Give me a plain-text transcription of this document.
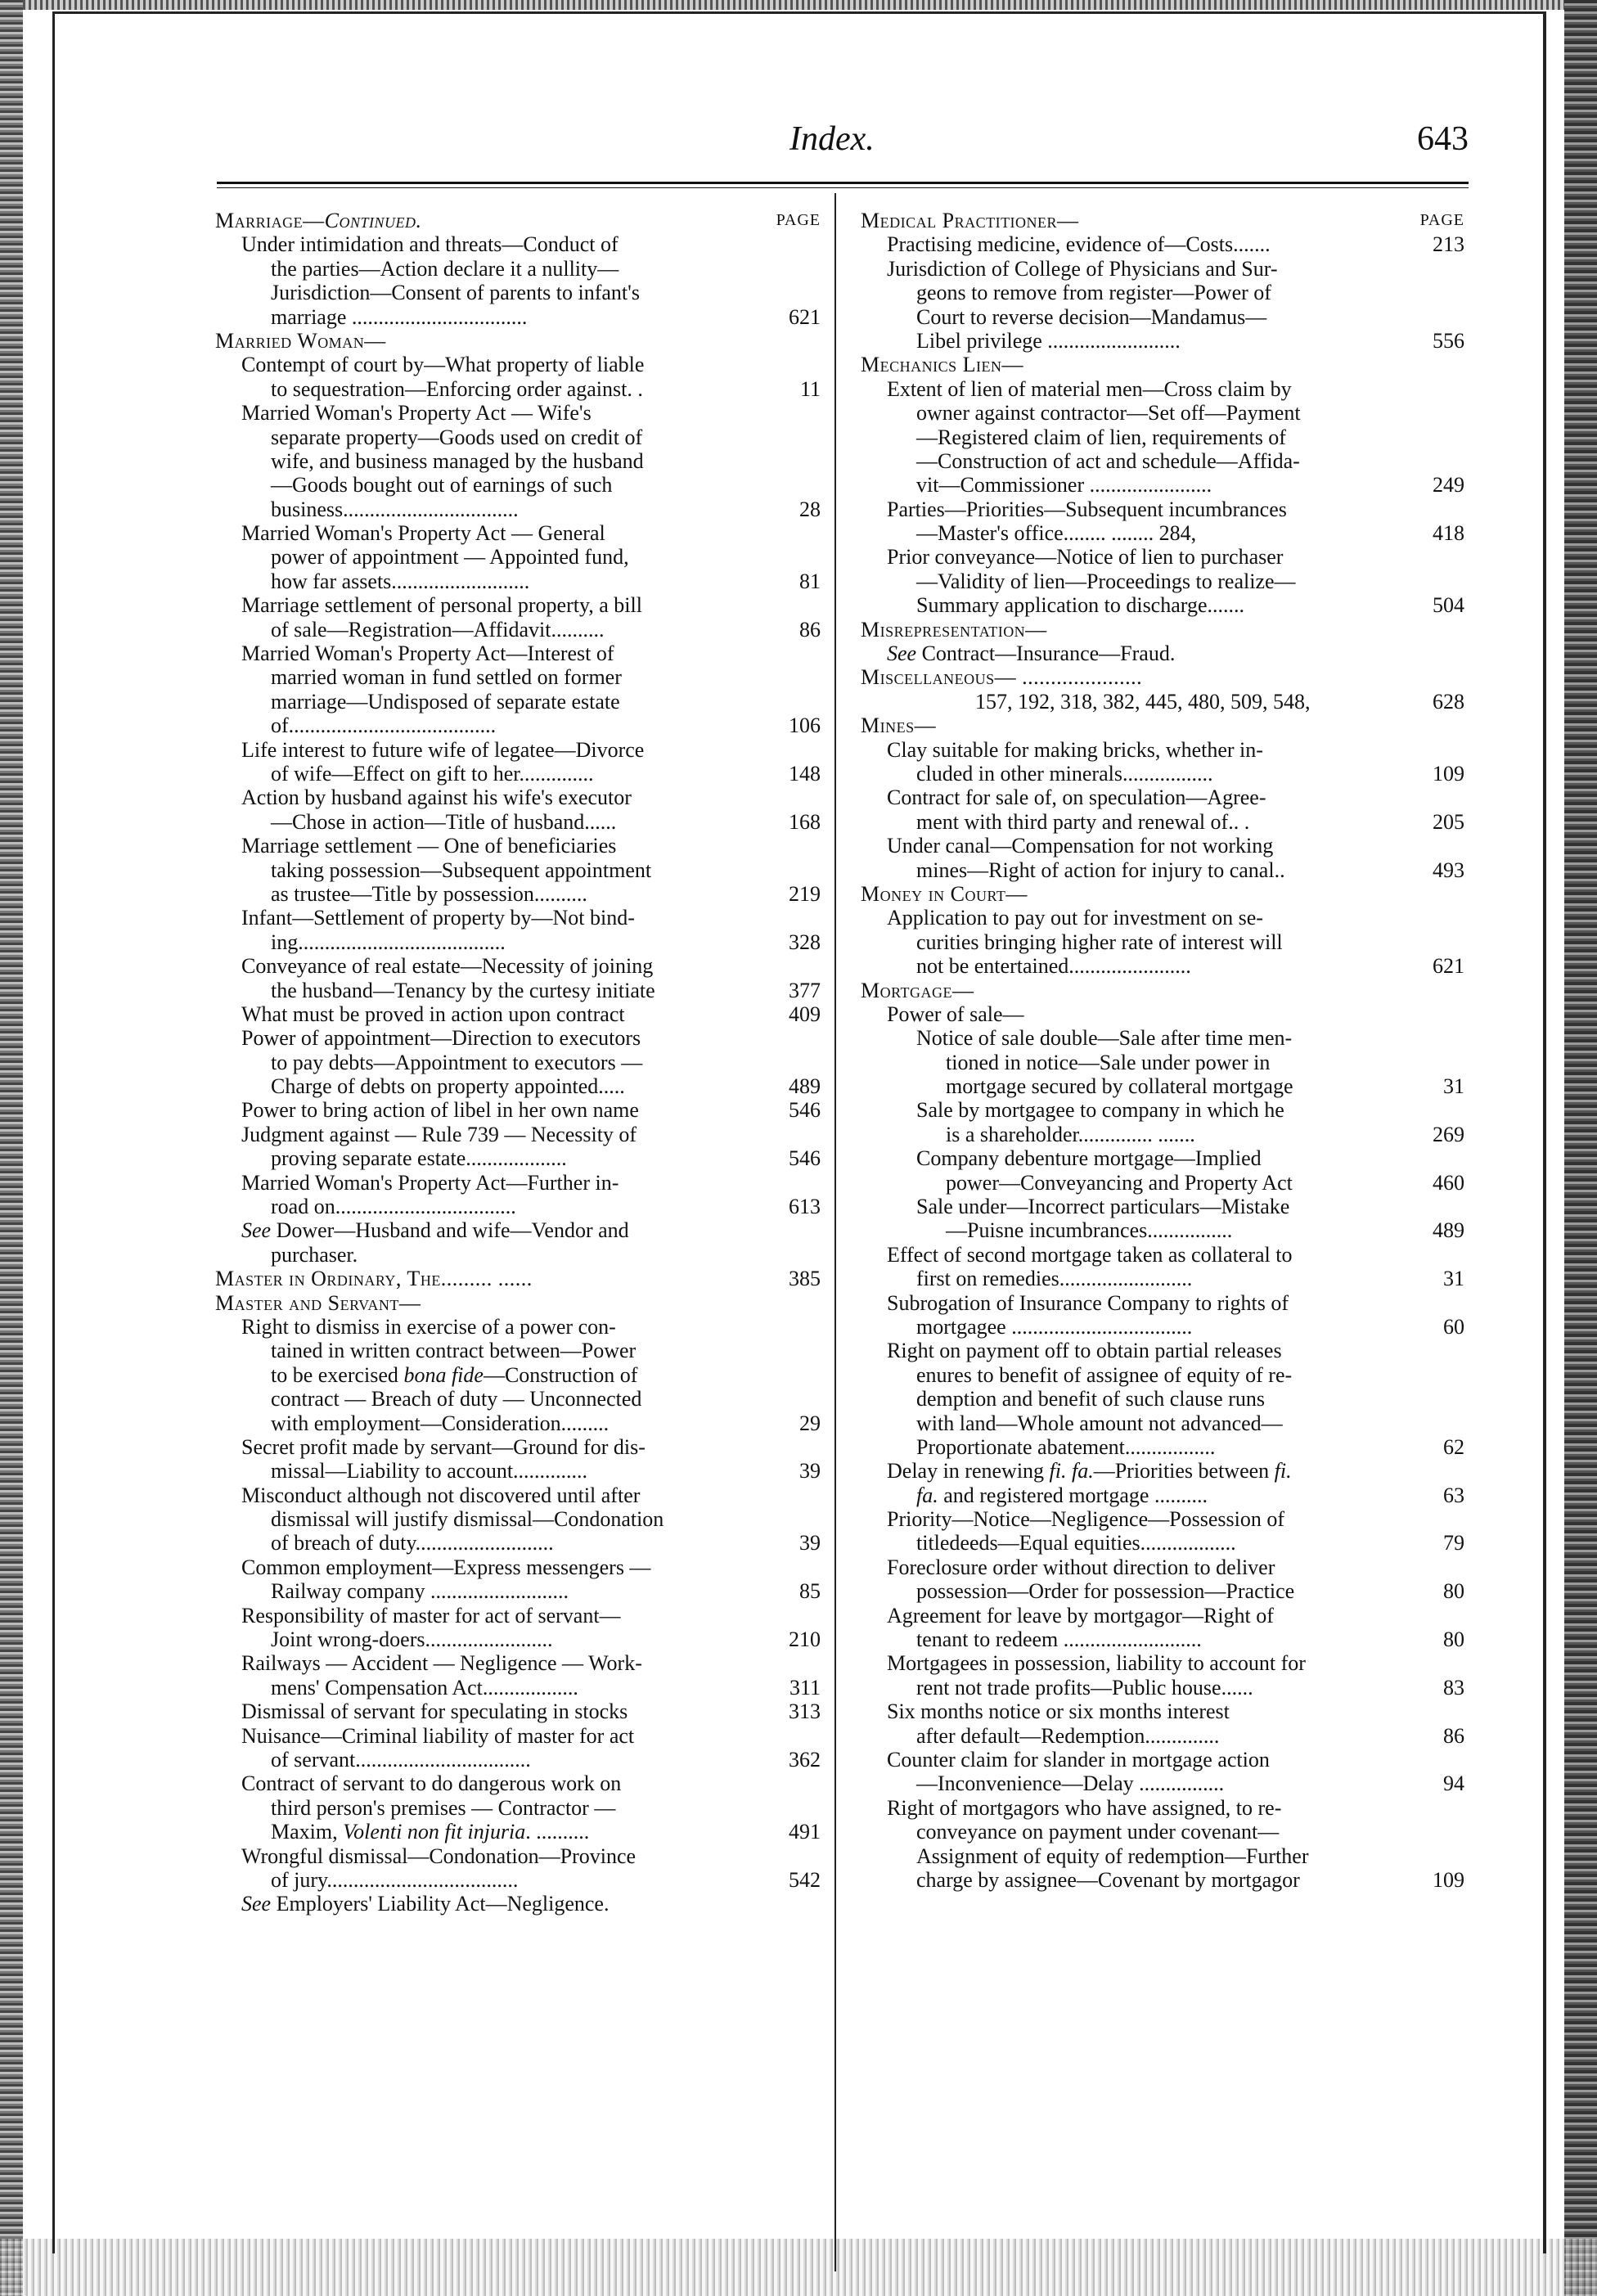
Index.	643
Marriage—Continued.	PAGE
Under intimidation and threats—Conduct of
the parties—Action declare it a nullity—
Jurisdiction—Consent of parents to infant's
marriage .................................	621
Married Woman—
Contempt of court by—What property of liable
to sequestration—Enforcing order against. .	11
Married Woman's Property Act — Wife's
separate property—Goods used on credit of
wife, and business managed by the husband
—Goods bought out of earnings of such
business.................................	28
Married Woman's Property Act — General
power of appointment — Appointed fund,
how far assets..........................	81
Marriage settlement of personal property, a bill
of sale—Registration—Affidavit..........	86
Married Woman's Property Act—Interest of
married woman in fund settled on former
marriage—Undisposed of separate estate
of.......................................	106
Life interest to future wife of legatee—Divorce
of wife—Effect on gift to her..............	148
Action by husband against his wife's executor
—Chose in action—Title of husband......	168
Marriage settlement — One of beneficiaries
taking possession—Subsequent appointment
as trustee—Title by possession..........	219
Infant—Settlement of property by—Not bind-
ing.......................................	328
Conveyance of real estate—Necessity of joining
the husband—Tenancy by the curtesy initiate	377
What must be proved in action upon contract	409
Power of appointment—Direction to executors
to pay debts—Appointment to executors —
Charge of debts on property appointed.....	489
Power to bring action of libel in her own name	546
Judgment against — Rule 739 — Necessity of
proving separate estate...................	546
Married Woman's Property Act—Further in-
road on..................................	613
See Dower—Husband and wife—Vendor and
purchaser.
Master in Ordinary, The......... ......	385
Master and Servant—
Right to dismiss in exercise of a power con-
tained in written contract between—Power
to be exercised bona fide—Construction of
contract — Breach of duty — Unconnected
with employment—Consideration.........	29
Secret profit made by servant—Ground for dis-
missal—Liability to account..............	39
Misconduct although not discovered until after
dismissal will justify dismissal—Condonation
of breach of duty..........................	39
Common employment—Express messengers —
Railway company ..........................	85
Responsibility of master for act of servant—
Joint wrong-doers........................	210
Railways — Accident — Negligence — Work-
mens' Compensation Act..................	311
Dismissal of servant for speculating in stocks	313
Nuisance—Criminal liability of master for act
of servant.................................	362
Contract of servant to do dangerous work on
third person's premises — Contractor —
Maxim, Volenti non fit injuria. ..........	491
Wrongful dismissal—Condonation—Province
of jury....................................	542
See Employers' Liability Act—Negligence.
Medical Practitioner—	PAGE
Practising medicine, evidence of—Costs.......	213
Jurisdiction of College of Physicians and Sur-
geons to remove from register—Power of
Court to reverse decision—Mandamus—
Libel privilege .........................	556
Mechanics Lien—
Extent of lien of material men—Cross claim by
owner against contractor—Set off—Payment
—Registered claim of lien, requirements of
—Construction of act and schedule—Affida-
vit—Commissioner .......................	249
Parties—Priorities—Subsequent incumbrances
—Master's office........ ........ 284,	418
Prior conveyance—Notice of lien to purchaser
—Validity of lien—Proceedings to realize—
Summary application to discharge.......	504
Misrepresentation—
See Contract—Insurance—Fraud.
Miscellaneous— .....................
157, 192, 318, 382, 445, 480, 509, 548,	628
Mines—
Clay suitable for making bricks, whether in-
cluded in other minerals.................	109
Contract for sale of, on speculation—Agree-
ment with third party and renewal of.. .	205
Under canal—Compensation for not working
mines—Right of action for injury to canal..	493
Money in Court—
Application to pay out for investment on se-
curities bringing higher rate of interest will
not be entertained.......................	621
Mortgage—
Power of sale—
Notice of sale double—Sale after time men-
tioned in notice—Sale under power in
mortgage secured by collateral mortgage	31
Sale by mortgagee to company in which he
is a shareholder.............. .......	269
Company debenture mortgage—Implied
power—Conveyancing and Property Act	460
Sale under—Incorrect particulars—Mistake
—Puisne incumbrances................	489
Effect of second mortgage taken as collateral to
first on remedies.........................	31
Subrogation of Insurance Company to rights of
mortgagee ..................................	60
Right on payment off to obtain partial releases
enures to benefit of assignee of equity of re-
demption and benefit of such clause runs
with land—Whole amount not advanced—
Proportionate abatement.................	62
Delay in renewing fi. fa.—Priorities between fi.
fa. and registered mortgage ..........	63
Priority—Notice—Negligence—Possession of
titledeeds—Equal equities..................	79
Foreclosure order without direction to deliver
possession—Order for possession—Practice	80
Agreement for leave by mortgagor—Right of
tenant to redeem ..........................	80
Mortgagees in possession, liability to account for
rent not trade profits—Public house......	83
Six months notice or six months interest
after default—Redemption..............	86
Counter claim for slander in mortgage action
—Inconvenience—Delay ................	94
Right of mortgagors who have assigned, to re-
conveyance on payment under covenant—
Assignment of equity of redemption—Further
charge by assignee—Covenant by mortgagor	109
